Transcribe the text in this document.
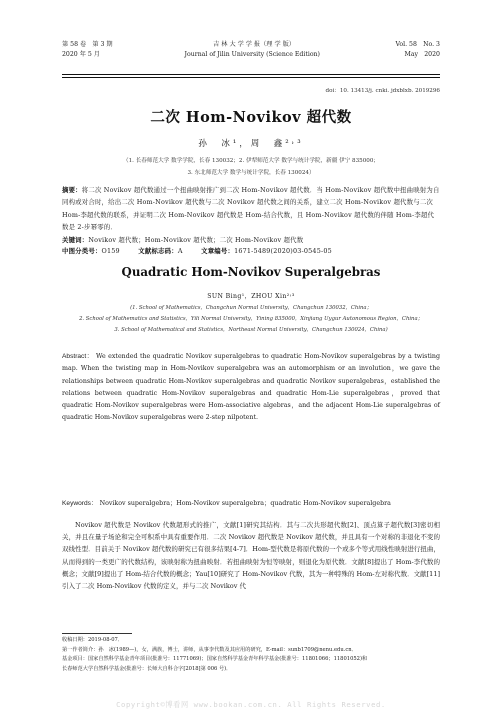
第 58 卷　第 3 期	吉 林 大 学 学 报（理 学 版）	Vol. 58　No. 3
2020 年 5 月	Journal of Jilin University (Science Edition)	May　2020
doi：10. 13413/j. cnki. jdxblxb. 2019296
二次 Hom-Novikov 超代数
孙　冰¹，周　鑫²˒³
（1. 长春师范大学 数学学院，长春 130032；2. 伊犁师范大学 数学与统计学院，新疆 伊宁 835000；
3. 东北师范大学 数学与统计学院，长春 130024）
摘要：将二次 Novikov 超代数通过一个扭曲映射推广到二次 Hom-Novikov 超代数．当 Hom-Novikov 超代数中扭曲映射为自同构或对合时，给出二次 Hom-Novikov 超代数与二次 Novikov 超代数之间的关系，建立二次 Hom-Novikov 超代数与二次 Hom-李超代数的联系，并证明二次 Hom-Novikov 超代数是 Hom-结合代数，且 Hom-Novikov 超代数的伴随 Hom-李超代数是 2-步幂零的．
关键词：Novikov 超代数；Hom-Novikov 超代数；二次 Hom-Novikov 超代数
中图分类号：O159	文献标志码：A	文章编号：1671-5489(2020)03-0545-05
Quadratic Hom-Novikov Superalgebras
SUN Bing¹，ZHOU Xin²˒³
(1. School of Mathematics，Changchun Normal University，Changchun 130032，China；
2. School of Mathematics and Statistics，Yili Normal University，Yining 835000，Xinjiang Uygur Autonomous Region，China；
3. School of Mathematical and Statistics，Northeast Normal University，Changchun 130024，China)
Abstract： We extended the quadratic Novikov superalgebras to quadratic Hom-Novikov superalgebras by a twisting map. When the twisting map in Hom-Novikov superalgebra was an automorphism or an involution，we gave the relationships between quadratic Hom-Novikov superalgebras and quadratic Novikov superalgebras，established the relations between quadratic Hom-Novikov superalgebras and quadratic Hom-Lie superalgebras，proved that quadratic Hom-Novikov superalgebras were Hom-associative algebras，and the adjacent Hom-Lie superalgebras of quadratic Hom-Novikov superalgebras were 2-step nilpotent.
Keywords： Novikov superalgebra；Hom-Novikov superalgebra；quadratic Hom-Novikov superalgebra

Novikov 超代数是 Novikov 代数超形式的推广，文献[1]研究其结构．其与二次共形超代数[2]、顶点算子超代数[3]密切相关，并且在量子场论和完全可积系中具有重要作用．二次 Novikov 超代数是 Novikov 超代数，并且具有一个对称的非退化不变的双线性型．目前关于 Novikov 超代数的研究已有很多结果[4-7]．Hom-型代数是将原代数的一个或多个等式用线性映射进行扭曲，从而得到的一类更广的代数结构，该映射称为扭曲映射．若扭曲映射为恒等映射，则退化为原代数．文献[8]提出了 Hom-李代数的概念；文献[9]提出了 Hom-结合代数的概念；Yau[10]研究了 Hom-Novikov 代数，其为一种特殊的 Hom-左对称代数．文献[11]引入了二次 Hom-Novikov 代数的定义，并与二次 Novikov 代

收稿日期：2019-08-07．
第一作者简介：孙　冰(1989—)，女，满族，博士，讲师，从事李代数及其应用的研究，E-mail：sunb1709@nenu.edu.cn．
基金项目：国家自然科学基金青年项目(批准号：11771069)；国家自然科学基金青年科学基金(批准号：11801066；11801052)和
长春师范大学自然科学基金(批准号：长师大自科合字[2018]第 006 号)．
Copyright©博看网 www.bookan.com.cn. All Rights Reserved.
